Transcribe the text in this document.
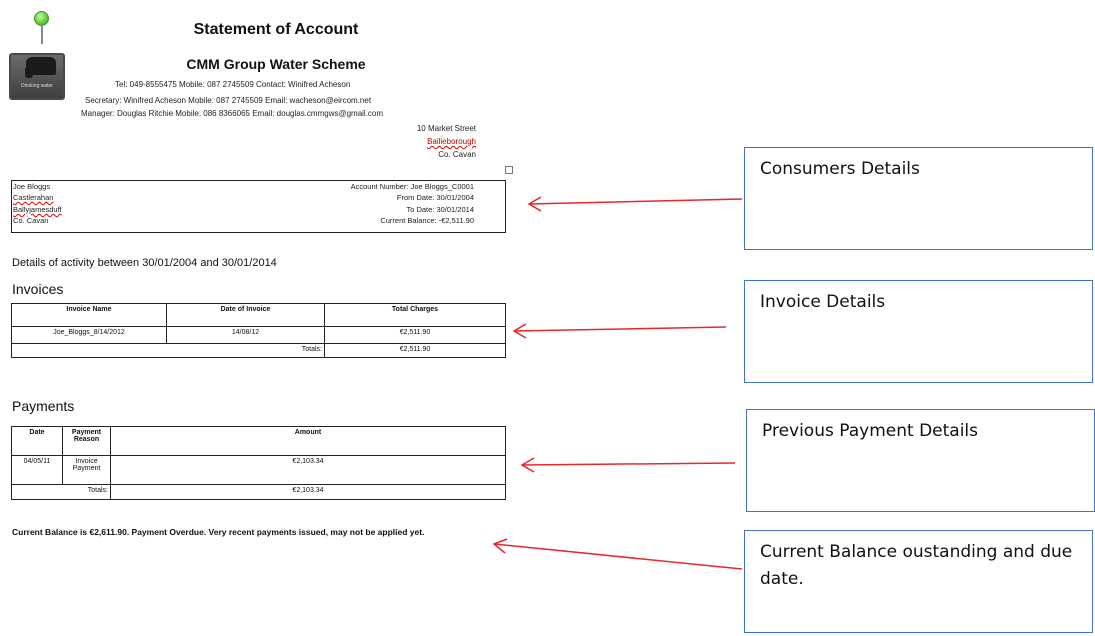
Drinking water
Statement of Account
CMM Group Water Scheme
Tel: 049-8555475 Mobile: 087 2745509 Contact: Winifred Acheson
Secretary: Winifred Acheson Mobile: 087 2745509 Email: wacheson@eircom.net
Manager: Douglas Ritchie Mobile: 086 8366065 Email: douglas.cmmgws@gmail.com
10 Market Street
Bailieborough
Co. Cavan
Joe Bloggs
Castlerahan
Ballyjamesduff
Co. Cavan
Account Number: Joe Bloggs_C0001
From Date: 30/01/2004
To Date: 30/01/2014
Current Balance: -€2,511.90
Details of activity between 30/01/2004 and 30/01/2014
Invoices
Invoice Name	Date of Invoice	Total Charges
Joe_Bloggs_8/14/2012	14/08/12	€2,511.90
Totals:		€2,511.90
Payments
Date	Payment Reason	Amount
04/05/11	Invoice Payment	€2,103.34
Totals:		€2,103.34
Current Balance is €2,611.90. Payment Overdue. Very recent payments issued, may not be applied yet.
Consumers Details
Invoice Details
Previous Payment Details
Current Balance oustanding and due date.
